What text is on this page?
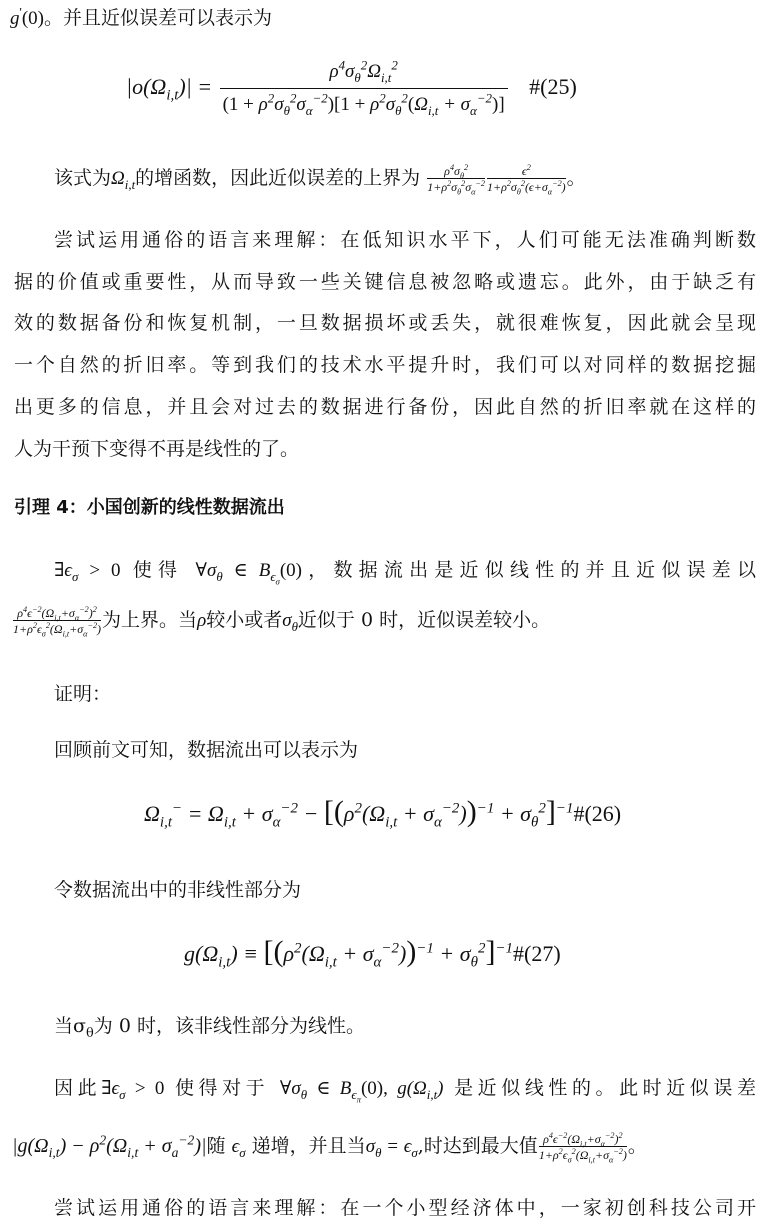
g'(0)。并且近似误差可以表示为
$|o(\Omega_{i,t})| = \frac{\rho^4\sigma_\theta^2\Omega_{i,t}^2}{(1 + \rho^2\sigma_\theta^2\sigma_\alpha^{-2})[1 + \rho^2\sigma_\theta^2(\Omega_{i,t} + \sigma_\alpha^{-2})]}$ #(25)
该式为$\Omega_{i,t}$的增函数，因此近似误差的上界为 $\frac{\rho^4\sigma_\theta^2}{1+\rho^2\sigma_\theta^2\sigma_\alpha^{-2}} \frac{\epsilon^2}{1+\rho^2\sigma_\theta^2(\epsilon+\sigma_\alpha^{-2})}$ 。
尝试运用通俗的语言来理解：在低知识水平下，人们可能无法准确判断数
据的价值或重要性，从而导致一些关键信息被忽略或遗忘。此外，由于缺乏有
效的数据备份和恢复机制，一旦数据损坏或丢失，就很难恢复，因此就会呈现
一个自然的折旧率。等到我们的技术水平提升时，我们可以对同样的数据挖掘
出更多的信息，并且会对过去的数据进行备份，因此自然的折旧率就在这样的
人为干预下变得不再是线性的了。
引理 4：小国创新的线性数据流出
$\exists\epsilon_\sigma > 0$ 使得 $\forall\sigma_\theta$ ∈ $B_{\epsilon_\sigma}(0)$，数据流出是近似线性的并且近似误差以
$\frac{\rho^4\epsilon^{-2}(\Omega_{i,t}+\sigma_\alpha^{-2})^2}{1+\rho^2\epsilon_\sigma^2(\Omega_{i,t}+\sigma_\alpha^{-2})}$ 为上界。当ρ较小或者$\sigma_\theta$近似于 0 时，近似误差较小。
证明：
回顾前文可知，数据流出可以表示为
$\Omega_{i,t}^- = \Omega_{i,t} + \sigma_\alpha^{-2} - [(\rho^2(\Omega_{i,t} + \sigma_\alpha^{-2}))^{-1}$ + $\sigma_\theta^2]^{-1}\#(26)$
令数据流出中的非线性部分为
$g(\Omega_{i,t}) \equiv [(\rho^2(\Omega_{i,t} + \sigma_\alpha^{-2}))^{-1}$ + $\sigma_\theta^2]^{-1}\#(27)$
当$\sigma_\theta$为 0 时，该非线性部分为线性。
因此$\exists\epsilon_\sigma > 0$ 使得对于 $\forall\sigma_\theta$ ∈ $B_{\epsilon_\pi}(0)$, $g(\Omega_{i,t})$ 是近似线性的。此时近似误差
$|g(\Omega_{i,t}) - \rho^2(\Omega_{i,t} + \sigma_a^{-2})|$随 $\epsilon_\sigma$ 递增，并且当$\sigma_\theta = \epsilon_\sigma$,时达到最大值 $\frac{\rho^4\epsilon^{-2}(\Omega_{i,t}+\sigma_\alpha^{-2})^2}{1+\rho^2\epsilon_\sigma^2(\Omega_{i,t}+\sigma_\alpha^{-2})}$ 。
尝试运用通俗的语言来理解：在一个小型经济体中，一家初创科技公司开
